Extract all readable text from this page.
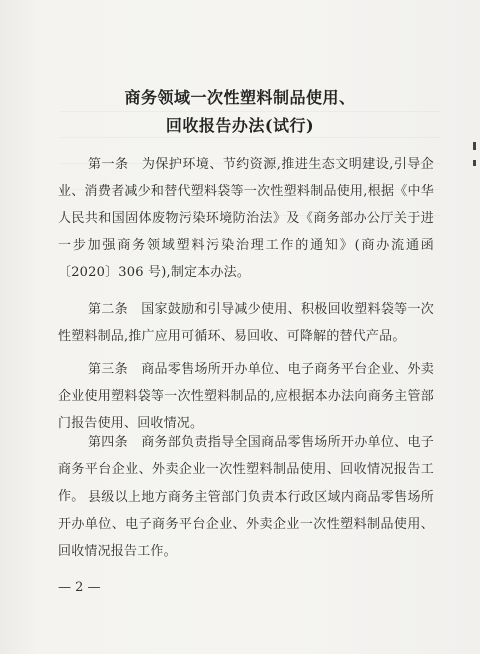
商务领域一次性塑料制品使用、
回收报告办法(试行)
第一条　为保护环境、节约资源,推进生态文明建设,引导企业、消费者减少和替代塑料袋等一次性塑料制品使用,根据《中华人民共和国固体废物污染环境防治法》及《商务部办公厅关于进一步加强商务领域塑料污染治理工作的通知》(商办流通函〔2020〕306 号),制定本办法。
第二条　国家鼓励和引导减少使用、积极回收塑料袋等一次性塑料制品,推广应用可循环、易回收、可降解的替代产品。
第三条　商品零售场所开办单位、电子商务平台企业、外卖企业使用塑料袋等一次性塑料制品的,应根据本办法向商务主管部门报告使用、回收情况。
第四条　商务部负责指导全国商品零售场所开办单位、电子商务平台企业、外卖企业一次性塑料制品使用、回收情况报告工作。 县级以上地方商务主管部门负责本行政区域内商品零售场所开办单位、电子商务平台企业、外卖企业一次性塑料制品使用、回收情况报告工作。
— 2 —
